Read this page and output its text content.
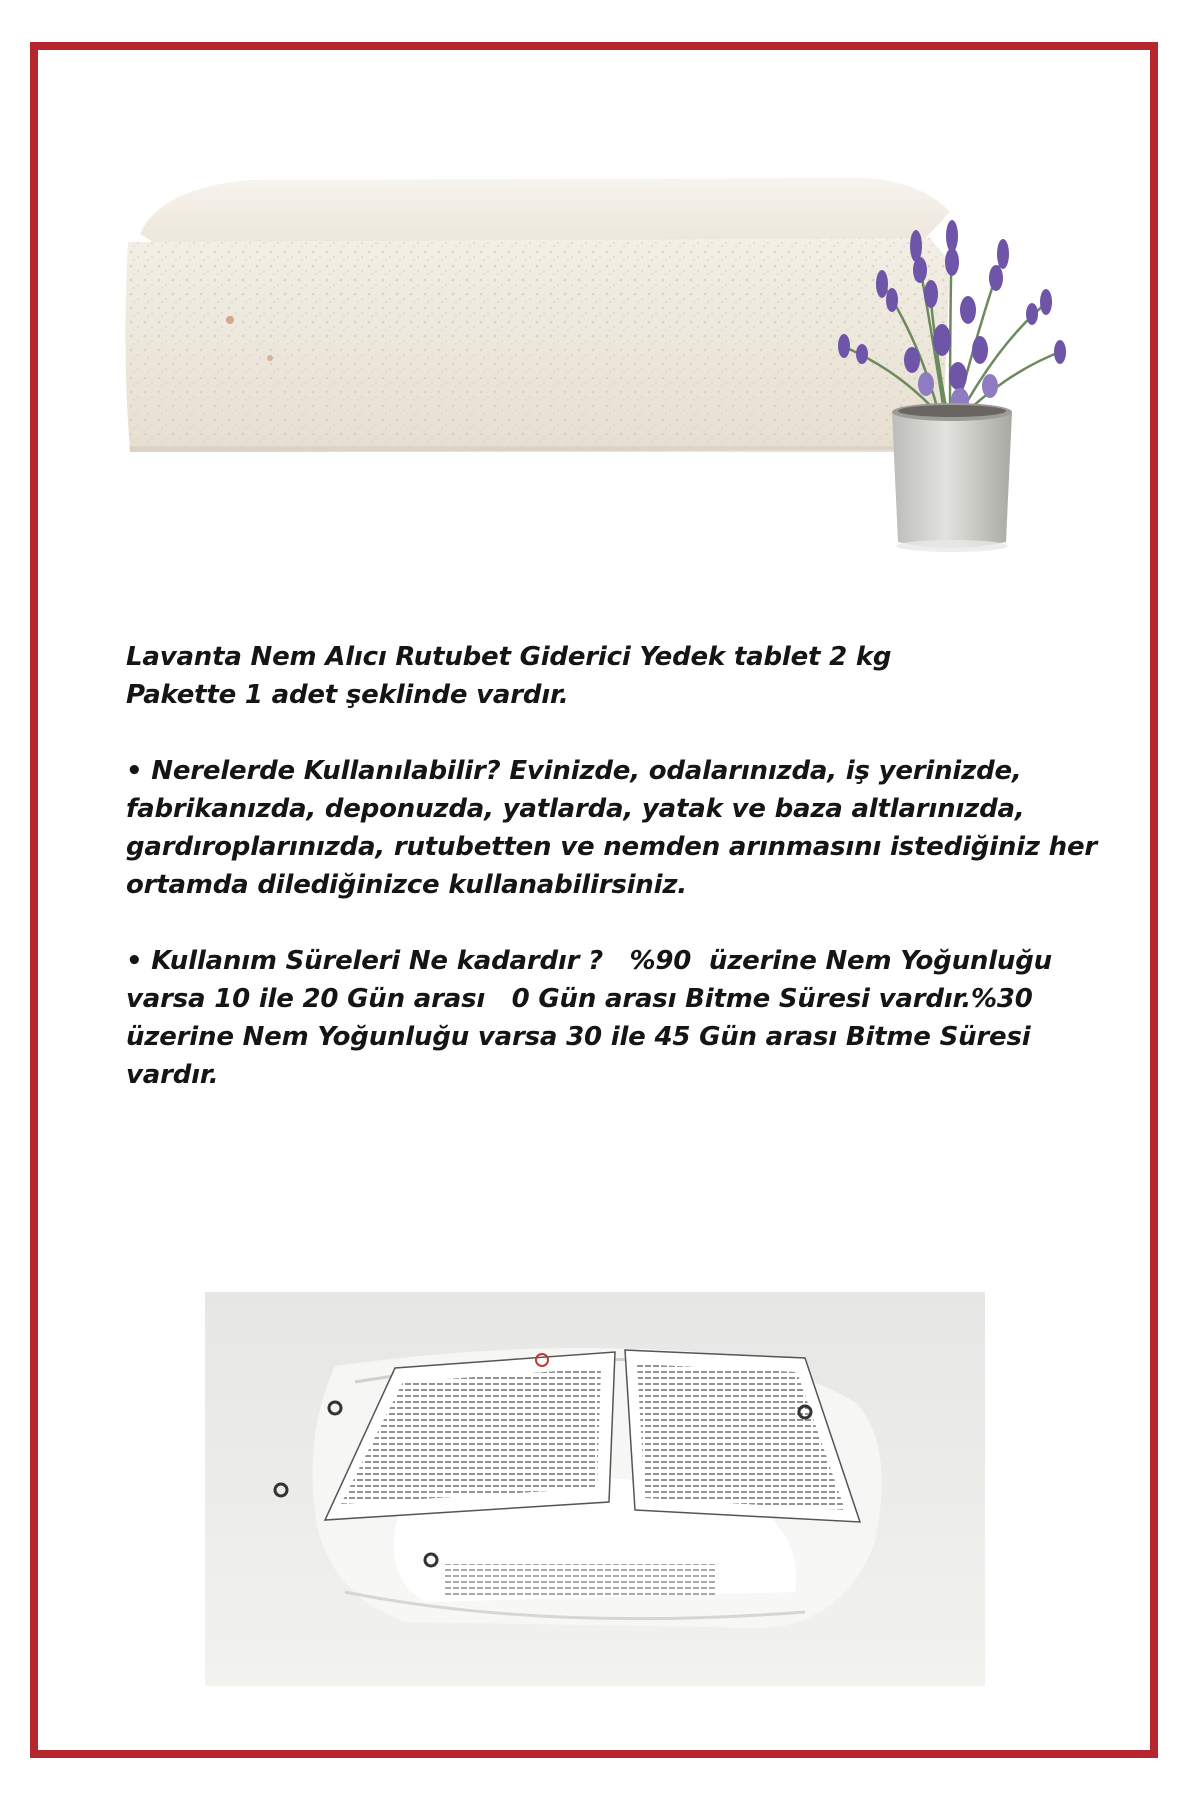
Lavanta Nem Alıcı Rutubet Giderici Yedek tablet 2 kg
Pakette 1 adet şeklinde vardır.

• Nerelerde Kullanılabilir? Evinizde, odalarınızda, iş yerinizde, fabrikanızda, deponuzda, yatlarda, yatak ve baza altlarınızda, gardıroplarınızda, rutubetten ve nemden arınmasını istediğiniz her ortamda dilediğinizce kullanabilirsiniz.

• Kullanım Süreleri Ne kadardır ?   %90  üzerine Nem Yoğunluğu varsa 10 ile 20 Gün arası   0 Gün arası Bitme Süresi vardır.%30 üzerine Nem Yoğunluğu varsa 30 ile 45 Gün arası Bitme Süresi vardır.
